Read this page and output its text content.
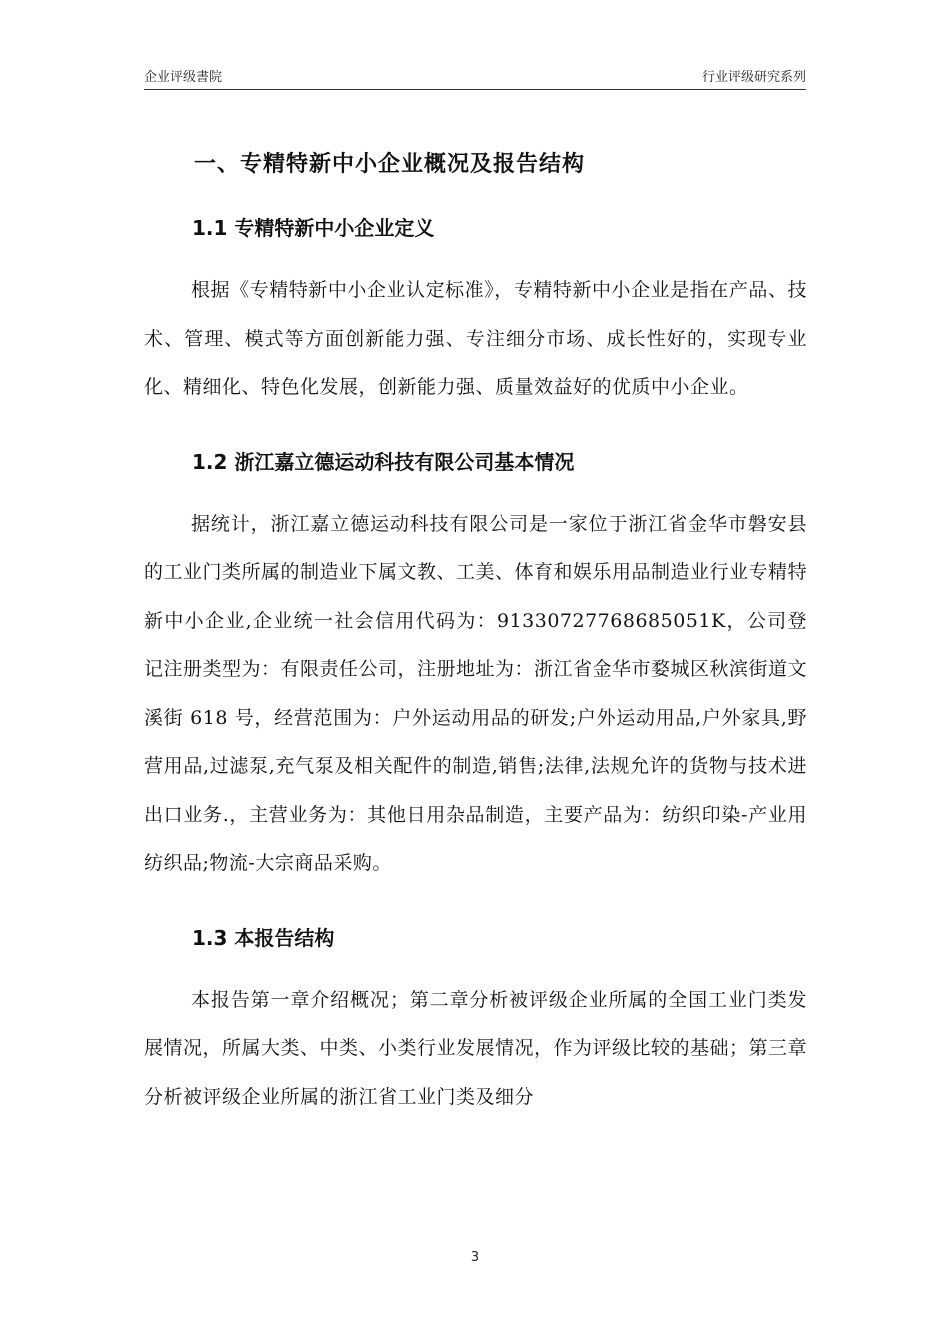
企业评级書院	行业评级研究系列
一、专精特新中小企业概况及报告结构
1.1 专精特新中小企业定义

根据《专精特新中小企业认定标准》，专精特新中小企业是指在产品、技术、管理、模式等方面创新能力强、专注细分市场、成长性好的，实现专业化、精细化、特色化发展，创新能力强、质量效益好的优质中小企业。

1.2 浙江嘉立德运动科技有限公司基本情况

据统计，浙江嘉立德运动科技有限公司是一家位于浙江省金华市磐安县的工业门类所属的制造业下属文教、工美、体育和娱乐用品制造业行业专精特新中小企业,企业统一社会信用代码为：91330727768685051K，公司登记注册类型为：有限责任公司，注册地址为：浙江省金华市婺城区秋滨街道文溪街 618 号，经营范围为：户外运动用品的研发;户外运动用品,户外家具,野营用品,过滤泵,充气泵及相关配件的制造,销售;法律,法规允许的货物与技术进出口业务.，主营业务为：其他日用杂品制造，主要产品为：纺织印染-产业用纺织品;物流-大宗商品采购。

1.3 本报告结构

本报告第一章介绍概况；第二章分析被评级企业所属的全国工业门类发展情况，所属大类、中类、小类行业发展情况，作为评级比较的基础；第三章分析被评级企业所属的浙江省工业门类及细分

3
